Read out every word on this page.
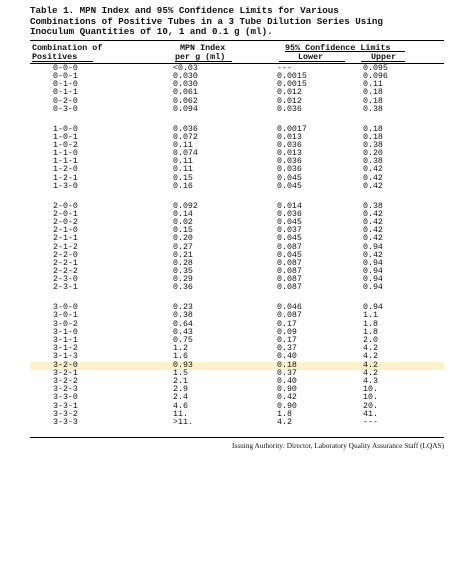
Table 1. MPN Index and 95% Confidence Limits for Various
Combinations of Positive Tubes in a 3 Tube Dilution Series Using
Inoculum Quantities of 10, 1 and 0.1 g (ml).
Combination of
Positives
MPN Index
per g (ml)
95% Confidence Limits
Lower	Upper
0-0-0	<0.03	---	0.095
0-0-1	0.030	0.0015	0.096
0-1-0	0.030	0.0015	0.11
0-1-1	0.061	0.012	0.18
0-2-0	0.062	0.012	0.18
0-3-0	0.094	0.036	0.38
1-0-0	0.036	0.0017	0.18
1-0-1	0.072	0.013	0.18
1-0-2	0.11	0.036	0.38
1-1-0	0.074	0.013	0.20
1-1-1	0.11	0.036	0.38
1-2-0	0.11	0.036	0.42
1-2-1	0.15	0.045	0.42
1-3-0	0.16	0.045	0.42
2-0-0	0.092	0.014	0.38
2-0-1	0.14	0.036	0.42
2-0-2	0.02	0.045	0.42
2-1-0	0.15	0.037	0.42
2-1-1	0.20	0.045	0.42
2-1-2	0.27	0.087	0.94
2-2-0	0.21	0.045	0.42
2-2-1	0.28	0.087	0.94
2-2-2	0.35	0.087	0.94
2-3-0	0.29	0.087	0.94
2-3-1	0.36	0.087	0.94
3-0-0	0.23	0.046	0.94
3-0-1	0.38	0.087	1.1
3-0-2	0.64	0.17	1.8
3-1-0	0.43	0.09	1.8
3-1-1	0.75	0.17	2.0
3-1-2	1.2	0.37	4.2
3-1-3	1.6	0.40	4.2
3-2-0	0.93	0.18	4.2
3-2-1	1.5	0.37	4.2
3-2-2	2.1	0.40	4.3
3-2-3	2.9	0.90	10.
3-3-0	2.4	0.42	10.
3-3-1	4.6	0.90	20.
3-3-2	11.	1.8	41.
3-3-3	>11.	4.2	---
Issuing Authority: Director, Laboratory Quality Assurance Staff (LQAS)
